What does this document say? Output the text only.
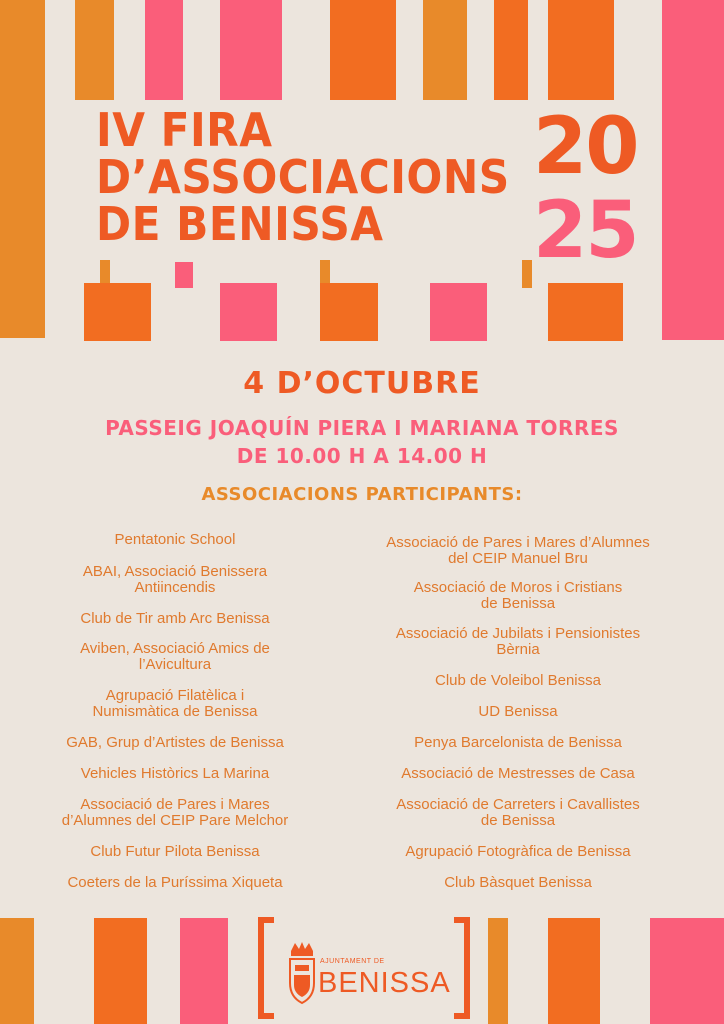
IV FIRA
D’ASSOCIACIONS
DE BENISSA
20
25
4 D’OCTUBRE
PASSEIG JOAQUÍN PIERA I MARIANA TORRES
DE 10.00 H A 14.00 H
ASSOCIACIONS PARTICIPANTS:
Pentatonic School
ABAI, Associació Benissera
Antiincendis
Club de Tir amb Arc Benissa
Aviben, Associació Amics de
l’Avicultura
Agrupació Filatèlica i
Numismàtica de Benissa
GAB, Grup d’Artistes de Benissa
Vehicles Històrics La Marina
Associació de Pares i Mares
d’Alumnes del CEIP Pare Melchor
Club Futur Pilota Benissa
Coeters de la Puríssima Xiqueta
Associació de Pares i Mares d’Alumnes
del CEIP Manuel Bru
Associació de Moros i Cristians
de Benissa
Associació de Jubilats i Pensionistes
Bèrnia
Club de Voleibol Benissa
UD Benissa
Penya Barcelonista de Benissa
Associació de Mestresses de Casa
Associació de Carreters i Cavallistes
de Benissa
Agrupació Fotogràfica de Benissa
Club Bàsquet Benissa
AJUNTAMENT DE
BENISSA
